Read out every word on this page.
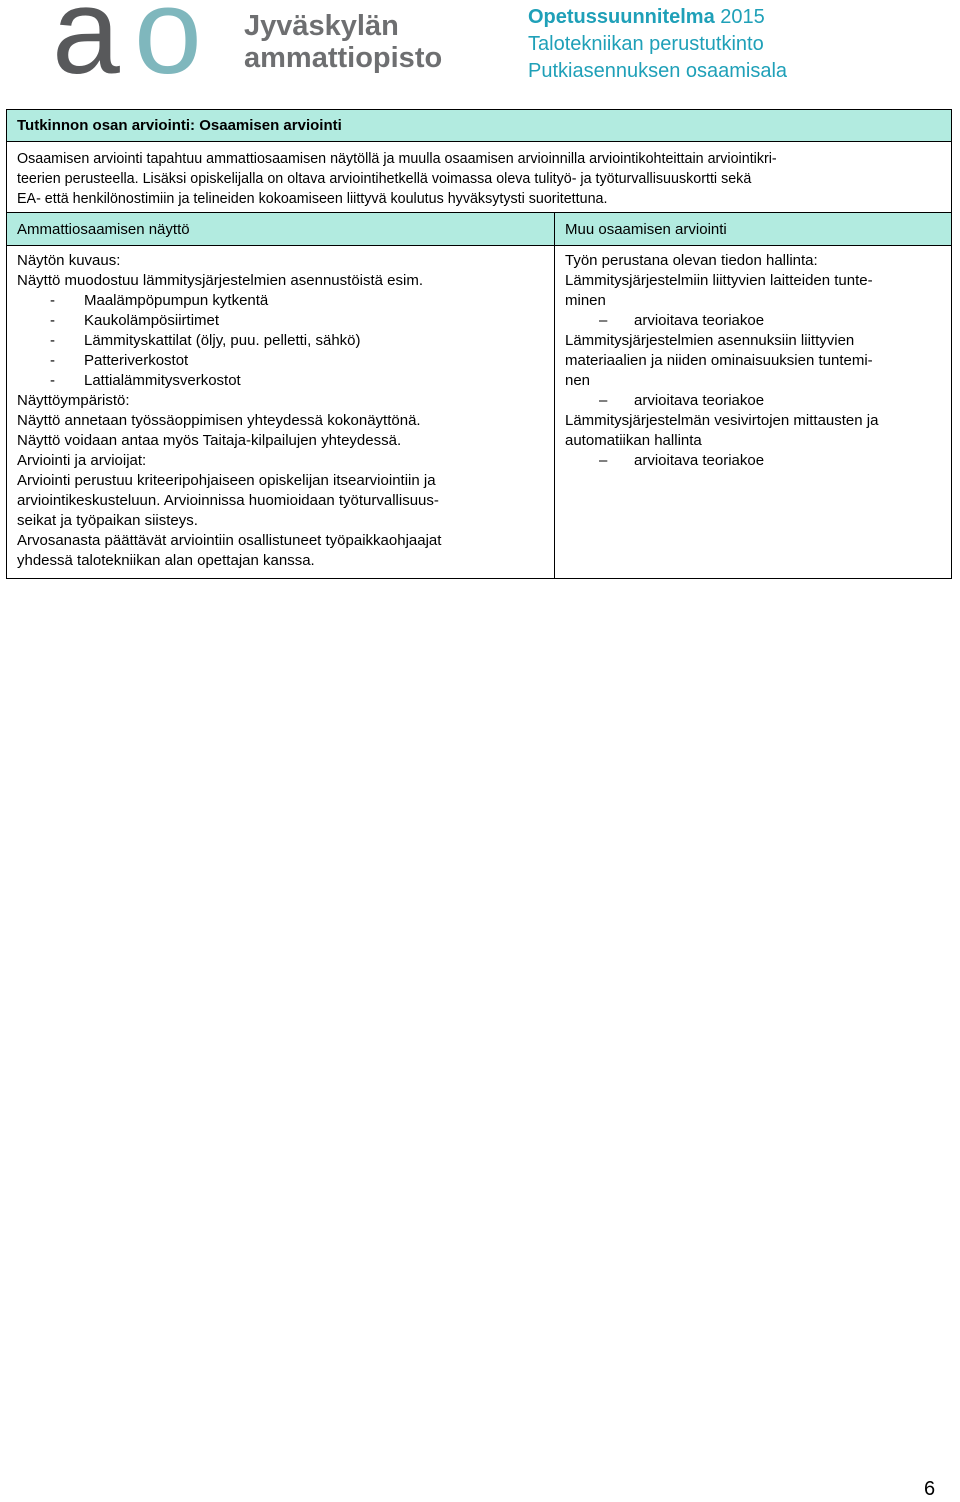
a o Jyväskylän
ammattiopisto
Opetussuunnitelma 2015
Talotekniikan perustutkinto
Putkiasennuksen osaamisala
Tutkinnon osan arviointi: Osaamisen arviointi
Osaamisen arviointi tapahtuu ammattiosaamisen näytöllä ja muulla osaamisen arvioinnilla arviointikohteittain arviointikri-
teerien perusteella. Lisäksi opiskelijalla on oltava arviointihetkellä voimassa oleva tulityö- ja työturvallisuuskortti sekä
EA- että henkilönostimiin ja telineiden kokoamiseen liittyvä koulutus hyväksytysti suoritettuna.
Ammattiosaamisen näyttö
Näytön kuvaus:
Näyttö muodostuu lämmitysjärjestelmien asennustöistä esim.
- Maalämpöpumpun kytkentä
- Kaukolämpösiirtimet
- Lämmityskattilat (öljy, puu. pelletti, sähkö)
- Patteriverkostot
- Lattialämmitysverkostot
Näyttöympäristö:
Näyttö annetaan työssäoppimisen yhteydessä kokonäyttönä.
Näyttö voidaan antaa myös Taitaja-kilpailujen yhteydessä.
Arviointi ja arvioijat:
Arviointi perustuu kriteeripohjaiseen opiskelijan itsearviointiin ja
arviointikeskusteluun. Arvioinnissa huomioidaan työturvallisuus-
seikat ja työpaikan siisteys.
Arvosanasta päättävät arviointiin osallistuneet työpaikkaohjaajat
yhdessä talotekniikan alan opettajan kanssa.
Muu osaamisen arviointi
Työn perustana olevan tiedon hallinta:
Lämmitysjärjestelmiin liittyvien laitteiden tunte-
minen
– arvioitava teoriakoe
Lämmitysjärjestelmien asennuksiin liittyvien
materiaalien ja niiden ominaisuuksien tuntemi-
nen
– arvioitava teoriakoe
Lämmitysjärjestelmän vesivirtojen mittausten ja
automatiikan hallinta
– arvioitava teoriakoe
6
